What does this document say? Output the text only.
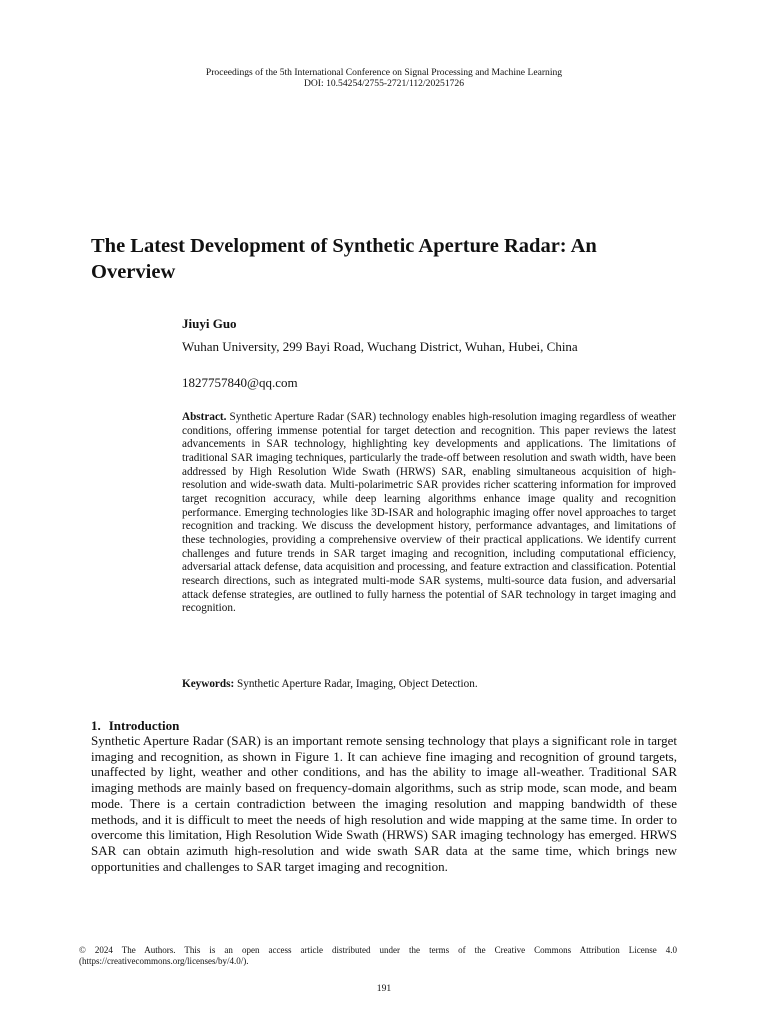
Proceedings of the 5th International Conference on Signal Processing and Machine Learning
DOI: 10.54254/2755-2721/112/20251726
The Latest Development of Synthetic Aperture Radar: An Overview
Jiuyi Guo
Wuhan University, 299 Bayi Road, Wuchang District, Wuhan, Hubei, China
1827757840@qq.com

Abstract. Synthetic Aperture Radar (SAR) technology enables high-resolution imaging regardless of weather conditions, offering immense potential for target detection and recognition. This paper reviews the latest advancements in SAR technology, highlighting key developments and applications. The limitations of traditional SAR imaging techniques, particularly the trade-off between resolution and swath width, have been addressed by High Resolution Wide Swath (HRWS) SAR, enabling simultaneous acquisition of high-resolution and wide-swath data. Multi-polarimetric SAR provides richer scattering information for improved target recognition accuracy, while deep learning algorithms enhance image quality and recognition performance. Emerging technologies like 3D-ISAR and holographic imaging offer novel approaches to target recognition and tracking. We discuss the development history, performance advantages, and limitations of these technologies, providing a comprehensive overview of their practical applications. We identify current challenges and future trends in SAR target imaging and recognition, including computational efficiency, adversarial attack defense, data acquisition and processing, and feature extraction and classification. Potential research directions, such as integrated multi-mode SAR systems, multi-source data fusion, and adversarial attack defense strategies, are outlined to fully harness the potential of SAR technology in target imaging and recognition.

Keywords: Synthetic Aperture Radar, Imaging, Object Detection.

1. Introduction

Synthetic Aperture Radar (SAR) is an important remote sensing technology that plays a significant role in target imaging and recognition, as shown in Figure 1. It can achieve fine imaging and recognition of ground targets, unaffected by light, weather and other conditions, and has the ability to image all-weather. Traditional SAR imaging methods are mainly based on frequency-domain algorithms, such as strip mode, scan mode, and beam mode. There is a certain contradiction between the imaging resolution and mapping bandwidth of these methods, and it is difficult to meet the needs of high resolution and wide mapping at the same time. In order to overcome this limitation, High Resolution Wide Swath (HRWS) SAR imaging technology has emerged. HRWS SAR can obtain azimuth high-resolution and wide swath SAR data at the same time, which brings new opportunities and challenges to SAR target imaging and recognition.

© 2024 The Authors. This is an open access article distributed under the terms of the Creative Commons Attribution License 4.0 (https://creativecommons.org/licenses/by/4.0/).

191
